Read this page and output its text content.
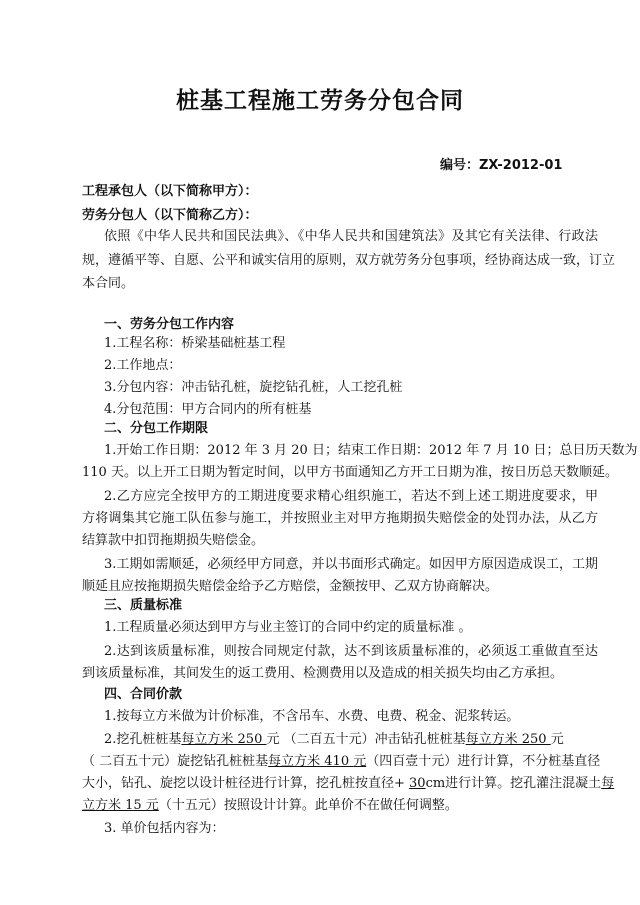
桩基工程施工劳务分包合同
编号：ZX-2012-01
工程承包人（以下简称甲方）：
劳务分包人（以下简称乙方）：
依照《中华人民共和国民法典》、《中华人民共和国建筑法》及其它有关法律、行政法
规，遵循平等、自愿、公平和诚实信用的原则，双方就劳务分包事项，经协商达成一致，订立
本合同。
一、劳务分包工作内容
1.工程名称：桥梁基础桩基工程
2.工作地点：
3.分包内容：冲击钻孔桩，旋挖钻孔桩，人工挖孔桩
4.分包范围：甲方合同内的所有桩基
二、分包工作期限
1.开始工作日期：2012 年 3 月 20 日；结束工作日期：2012 年 7 月 10 日；总日历天数为
110 天。以上开工日期为暂定时间，以甲方书面通知乙方开工日期为准，按日历总天数顺延。
2.乙方应完全按甲方的工期进度要求精心组织施工，若达不到上述工期进度要求，甲
方将调集其它施工队伍参与施工，并按照业主对甲方拖期损失赔偿金的处罚办法，从乙方
结算款中扣罚拖期损失赔偿金。
3.工期如需顺延，必须经甲方同意，并以书面形式确定。如因甲方原因造成误工，工期
顺延且应按拖期损失赔偿金给予乙方赔偿，金额按甲、乙双方协商解决。
三、质量标准
1.工程质量必须达到甲方与业主签订的合同中约定的质量标准 。
2.达到该质量标准，则按合同规定付款，达不到该质量标准的，必须返工重做直至达
到该质量标准，其间发生的返工费用、检测费用以及造成的相关损失均由乙方承担。
四、合同价款
1.按每立方米做为计价标准，不含吊车、水费、电费、税金、泥浆转运。
2.挖孔桩桩基每立方米 250 元 （二百五十元）冲击钻孔桩桩基每立方米 250 元
（ 二百五十元）旋挖钻孔桩桩基每立方米 410 元（四百壹十元）进行计算，不分桩基直径
大小，钻孔、旋挖以设计桩径进行计算，挖孔桩按直径+ 30cm进行计算。挖孔灌注混凝土每
立方米 15 元（十五元）按照设计计算。此单价不在做任何调整。
3. 单价包括内容为：
